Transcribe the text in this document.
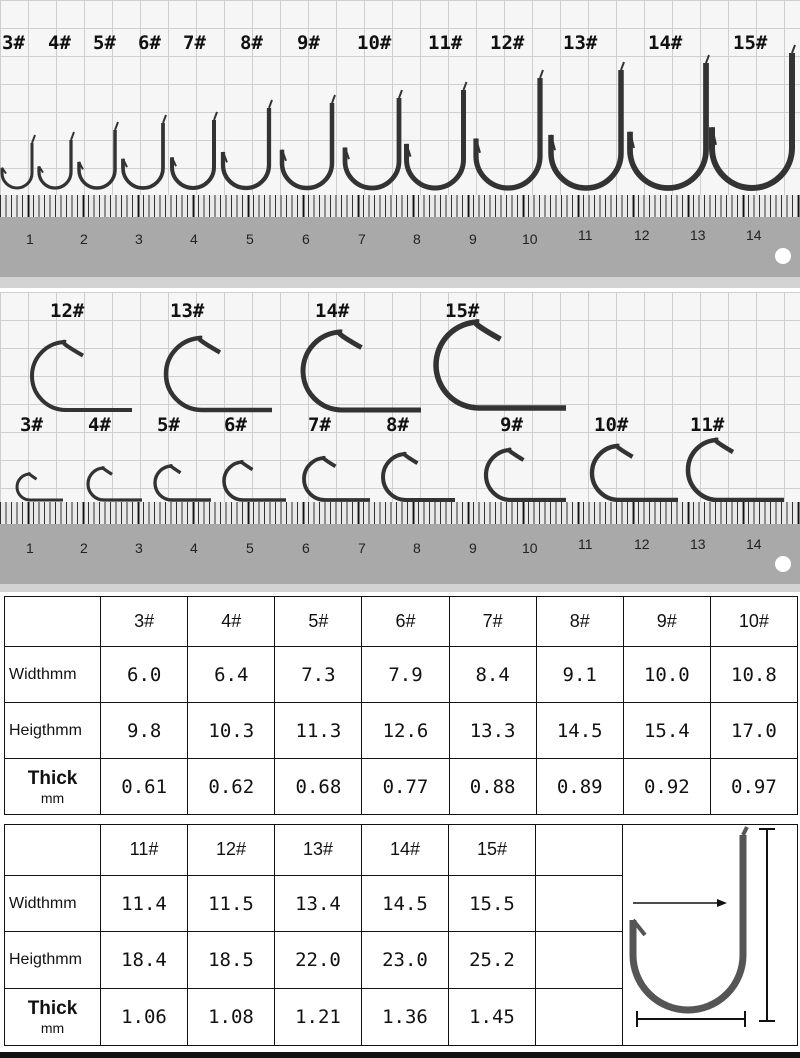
3# 4# 5# 6# 7# 8# 9# 10# 11# 12# 13#	14#	15#
1	2	3	4	5	6	7	8	9	10	11	12	13	14
12#	13#	14#	15#
3# 4# 5# 6#	7#	8#	9#	10#	11#
1	2	3	4	5	6	7	8	9	10	11	12	13	14
	3#	4#	5#	6#	7#	8#	9#	10#
Widthmm	6.0	6.4	7.3	7.9	8.4	9.1	10.0	10.8
Heigthmm	9.8	10.3	11.3	12.6	13.3	14.5	15.4	17.0

Thick
mm	0.61	0.62	0.68	0.77	0.88	0.89	0.92	0.97
	11#	12#	13#	14#	15#		

Widthmm	11.4	11.5	13.4	14.5	15.5		
Heigthmm	18.4	18.5	22.0	23.0	25.2		

Thick
mm	1.06	1.08	1.21	1.36	1.45		
